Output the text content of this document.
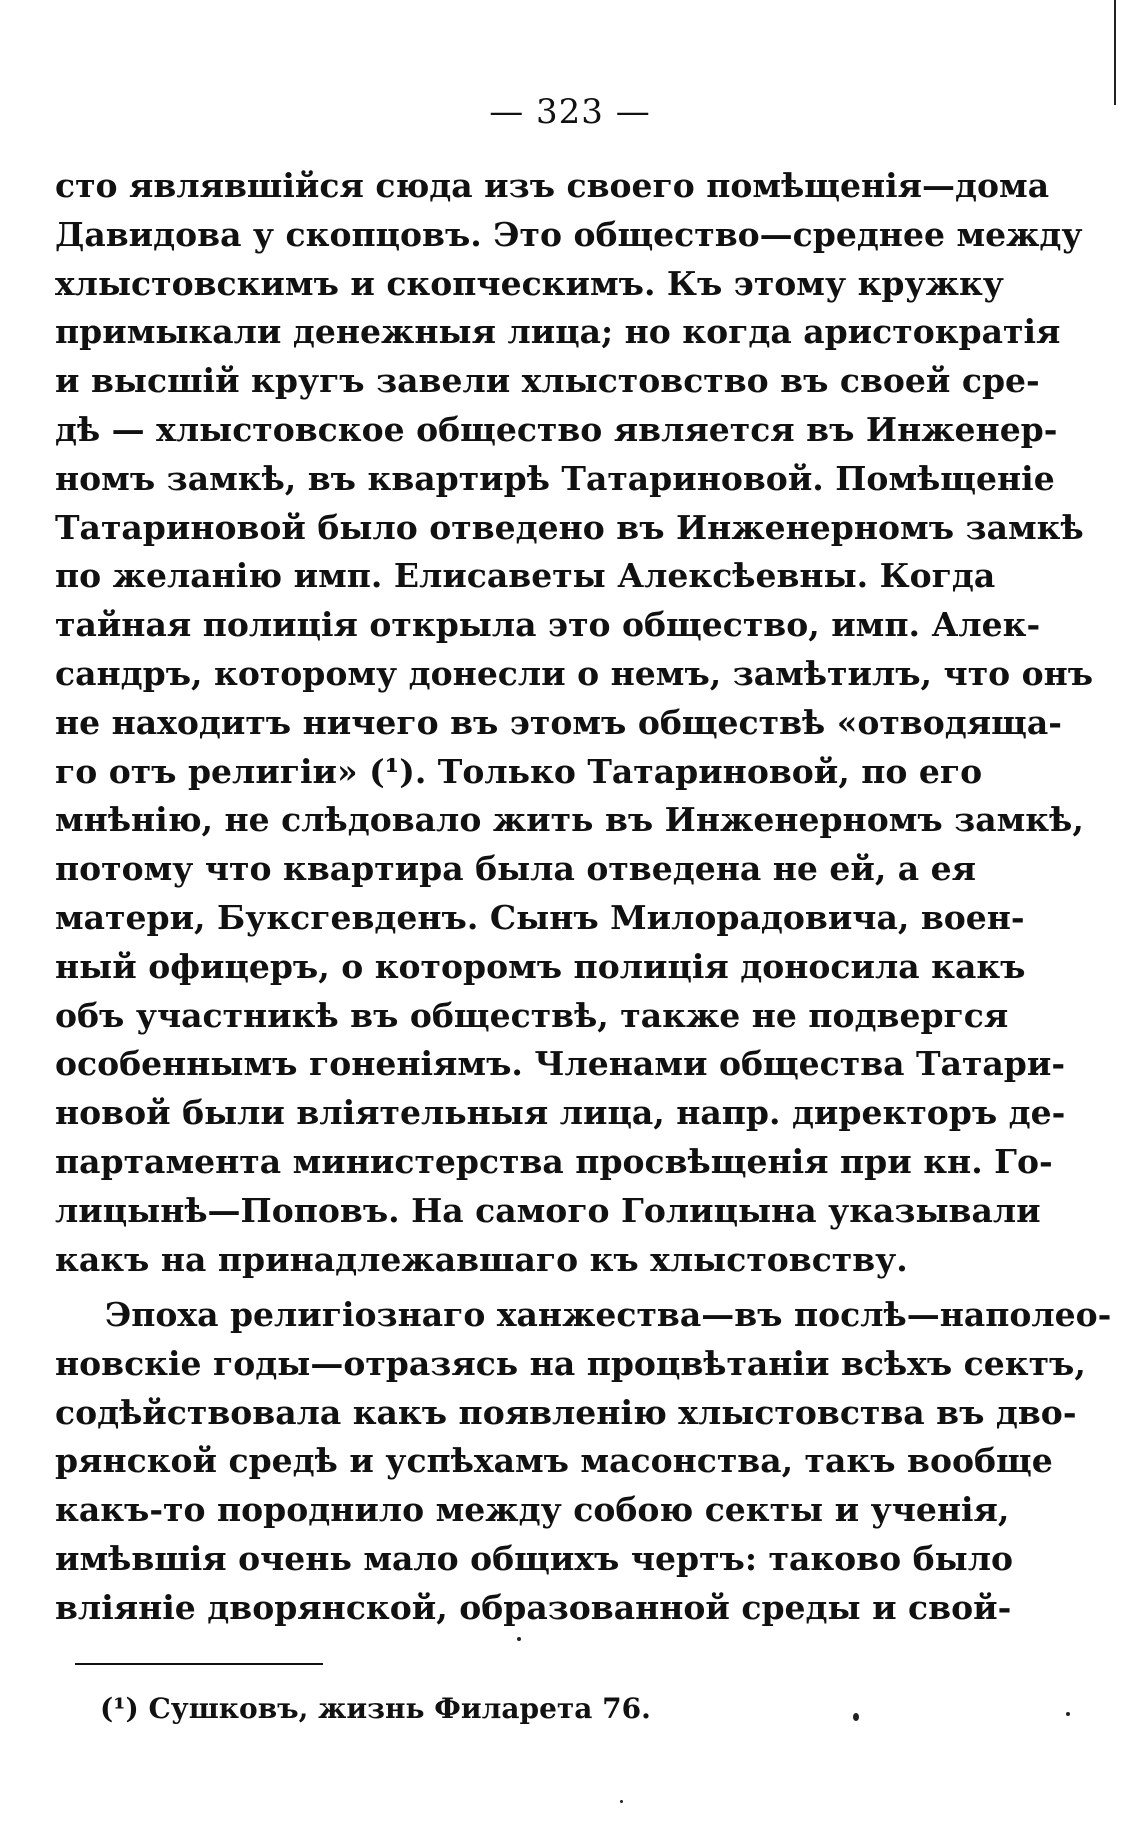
— 323 —
сто являвшійся сюда изъ своего помѣщенія—дома
Давидова у скопцовъ. Это общество—среднее между
хлыстовскимъ и скопческимъ. Къ этому кружку
примыкали денежныя лица; но когда аристократія
и высшій кругъ завели хлыстовство въ своей сре-
дѣ — хлыстовское общество является въ Инженер-
номъ замкѣ, въ квартирѣ Татариновой. Помѣщеніе
Татариновой было отведено въ Инженерномъ замкѣ
по желанію имп. Елисаветы Алексѣевны. Когда
тайная полиція открыла это общество, имп. Алек-
сандръ, которому донесли о немъ, замѣтилъ, что онъ
не находитъ ничего въ этомъ обществѣ «отводяща-
го отъ религіи» (¹). Только Татариновой, по его
мнѣнію, не слѣдовало жить въ Инженерномъ замкѣ,
потому что квартира была отведена не ей, а ея
матери, Буксгевденъ. Сынъ Милорадовича, воен-
ный офицеръ, о которомъ полиція доносила какъ
объ участникѣ въ обществѣ, также не подвергся
особеннымъ гоненіямъ. Членами общества Татари-
новой были вліятельныя лица, напр. директоръ де-
партамента министерства просвѣщенія при кн. Го-
лицынѣ—Поповъ. На самого Голицына указывали
какъ на принадлежавшаго къ хлыстовству.
Эпоха религіознаго ханжества—въ послѣ—наполео-
новскіе годы—отразясь на процвѣтаніи всѣхъ сектъ,
содѣйствовала какъ появленію хлыстовства въ дво-
рянской средѣ и успѣхамъ масонства, такъ вообще
какъ-то породнило между собою секты и ученія,
имѣвшія очень мало общихъ чертъ: таково было
вліяніе дворянской, образованной среды и свой-
(¹) Сушковъ, жизнь Филарета 76.
